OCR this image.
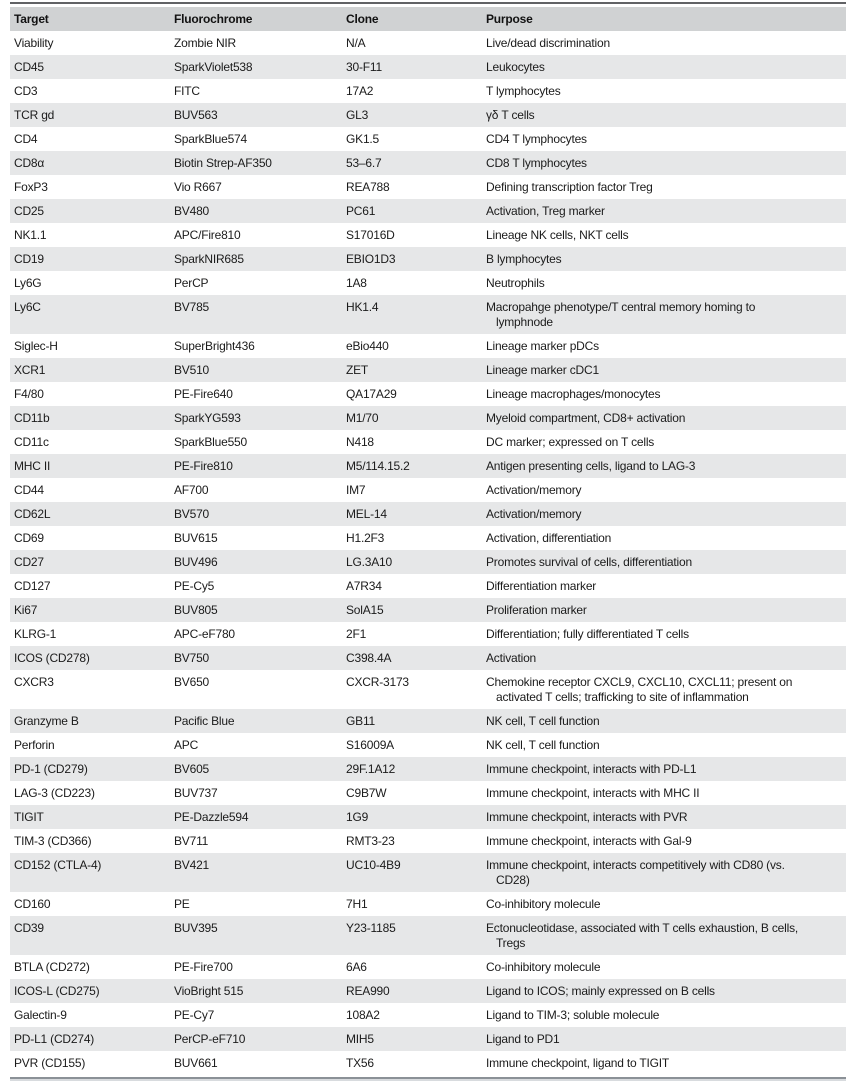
Target	Fluorochrome	Clone	Purpose
Viability	Zombie NIR	N/A	Live/dead discrimination
CD45	SparkViolet538	30-F11	Leukocytes
CD3	FITC	17A2	T lymphocytes
TCR gd	BUV563	GL3	γδ T cells
CD4	SparkBlue574	GK1.5	CD4 T lymphocytes
CD8α	Biotin Strep-AF350	53–6.7	CD8 T lymphocytes
FoxP3	Vio R667	REA788	Defining transcription factor Treg
CD25	BV480	PC61	Activation, Treg marker
NK1.1	APC/Fire810	S17016D	Lineage NK cells, NKT cells
CD19	SparkNIR685	EBIO1D3	B lymphocytes
Ly6G	PerCP	1A8	Neutrophils
Ly6C	BV785	HK1.4	Macropahge phenotype/T central memory homing to lymphnode
Siglec-H	SuperBright436	eBio440	Lineage marker pDCs
XCR1	BV510	ZET	Lineage marker cDC1
F4/80	PE-Fire640	QA17A29	Lineage macrophages/monocytes
CD11b	SparkYG593	M1/70	Myeloid compartment, CD8+ activation
CD11c	SparkBlue550	N418	DC marker; expressed on T cells
MHC II	PE-Fire810	M5/114.15.2	Antigen presenting cells, ligand to LAG-3
CD44	AF700	IM7	Activation/memory
CD62L	BV570	MEL-14	Activation/memory
CD69	BUV615	H1.2F3	Activation, differentiation
CD27	BUV496	LG.3A10	Promotes survival of cells, differentiation
CD127	PE-Cy5	A7R34	Differentiation marker
Ki67	BUV805	SolA15	Proliferation marker
KLRG-1	APC-eF780	2F1	Differentiation; fully differentiated T cells
ICOS (CD278)	BV750	C398.4A	Activation
CXCR3	BV650	CXCR-3173	Chemokine receptor CXCL9, CXCL10, CXCL11; present on activated T cells; trafficking to site of inflammation
Granzyme B	Pacific Blue	GB11	NK cell, T cell function
Perforin	APC	S16009A	NK cell, T cell function
PD-1 (CD279)	BV605	29F.1A12	Immune checkpoint, interacts with PD-L1
LAG-3 (CD223)	BUV737	C9B7W	Immune checkpoint, interacts with MHC II
TIGIT	PE-Dazzle594	1G9	Immune checkpoint, interacts with PVR
TIM-3 (CD366)	BV711	RMT3-23	Immune checkpoint, interacts with Gal-9
CD152 (CTLA-4)	BV421	UC10-4B9	Immune checkpoint, interacts competitively with CD80 (vs. CD28)
CD160	PE	7H1	Co-inhibitory molecule
CD39	BUV395	Y23-1185	Ectonucleotidase, associated with T cells exhaustion, B cells, Tregs
BTLA (CD272)	PE-Fire700	6A6	Co-inhibitory molecule
ICOS-L (CD275)	VioBright 515	REA990	Ligand to ICOS; mainly expressed on B cells
Galectin-9	PE-Cy7	108A2	Ligand to TIM-3; soluble molecule
PD-L1 (CD274)	PerCP-eF710	MIH5	Ligand to PD1
PVR (CD155)	BUV661	TX56	Immune checkpoint, ligand to TIGIT
